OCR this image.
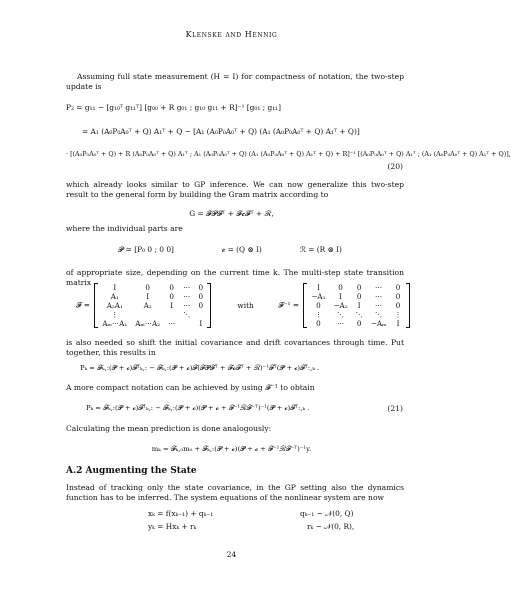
Klenske and Hennig
Assuming full state measurement (H = I) for compactness of notation, the two-step update is
P₂ = g₁₁ − [g₁₀ᵀ g₁₁ᵀ] [g₀₀ + R g₀₁ ; g₁₀ g₁₁ + R]⁻¹ [g₀₁ ; g₁₁]
= A₁ (A₀P₀A₀ᵀ + Q) A₁ᵀ + Q − [A₁ (A₀P₀A₀ᵀ + Q) (A₁ (A₀P₀A₀ᵀ + Q) A₁ᵀ + Q)]
· [(A₀P₀A₀ᵀ + Q) + R (A₀P₀A₀ᵀ + Q) A₁ᵀ ; A₁ (A₀P₀A₀ᵀ + Q) (A₁ (A₀P₀A₀ᵀ + Q) A₁ᵀ + Q) + R]⁻¹ [(A₀P₀A₀ᵀ + Q) A₁ᵀ ; (A₁ (A₀P₀A₀ᵀ + Q) A₁ᵀ + Q)],
(20)
which already looks similar to GP inference. We can now generalize this two-step result to the general form by building the Gram matrix according to
G = 𝓕𝓟𝓕ᵀ + 𝓕𝓬𝓕ᵀ + ℛ,
where the individual parts are
𝓟 = [P₀ 0 ; 0 0]	𝓬 = (Q ⊗ I)	ℛ = (R ⊗ I)
of appropriate size, depending on the current time k. The multi-step state transition matrix
𝓕 =
I	0	0	⋯	0
A₁	I	0	⋯	0
A₂A₁	A₂	I	⋯	0
⋮			⋱	
Aₘ⋯A₁	Aₘ⋯A₂	⋯		I
with	𝓕⁻¹ =
I	0	0	⋯	0
−A₁	I	0	⋯	0
0	−A₂	I	⋯	0
⋮	⋱	⋱	⋱	⋮
0	⋯	0	−Aₘ	I
is also needed so shift the initial covariance and drift covariances through time. Put together, this results in
Pₖ = 𝓕ₖ,:(𝓟 + 𝓬)𝓕ᵀₖ,: − 𝓕ₖ,:(𝓟 + 𝓬)𝓕(𝓕𝓟𝓕ᵀ + 𝓕𝓬𝓕ᵀ + ℛ)⁻¹𝓕ᵀ(𝓟 + 𝓬)𝓕ᵀ:,ₖ .
A more compact notation can be achieved by using 𝓕⁻¹ to obtain
Pₖ = 𝓕ₖ,:(𝓟 + 𝓬)𝓕ᵀₖ,: − 𝓕ₖ,:(𝓟 + 𝓬)(𝓟 + 𝓬 + 𝓕⁻¹ℛ𝓕⁻ᵀ)⁻¹(𝓟 + 𝓬)𝓕ᵀ:,ₖ .	(21)
Calculating the mean prediction is done analogously:
mₖ = 𝓕ₖ,₀m₀ + 𝓕ₖ,:(𝓟 + 𝓬)(𝓟 + 𝓬 + 𝓕⁻¹ℛ𝓕⁻ᵀ)⁻¹y.
A.2 Augmenting the State
Instead of tracking only the state covariance, in the GP setting also the dynamics function has to be inferred. The system equations of the nonlinear system are now
xₖ = f(xₖ₋₁) + qₖ₋₁	qₖ₋₁ ~ 𝒩(0, Q)
yₖ = Hxₖ + rₖ	rₖ ~ 𝒩(0, R),
24
